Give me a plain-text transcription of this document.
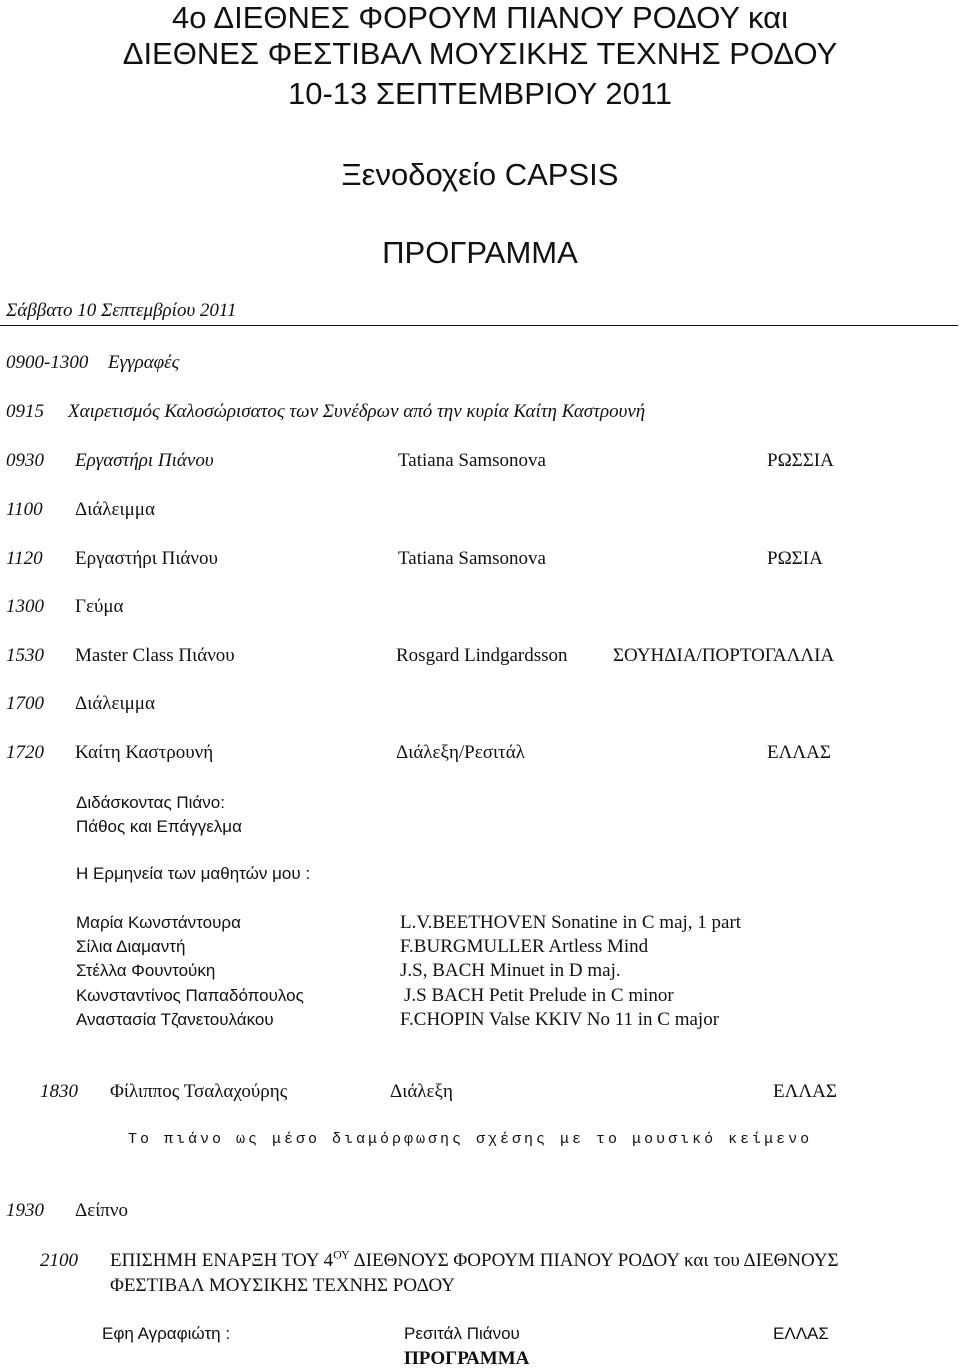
4ο ΔΙΕΘΝΕΣ ΦΟΡΟΥΜ ΠΙΑΝΟΥ ΡΟΔΟΥ και
ΔΙΕΘΝΕΣ ΦΕΣΤΙΒΑΛ ΜΟΥΣΙΚΗΣ ΤΕΧΝΗΣ ΡΟΔΟΥ
10-13 ΣΕΠΤΕΜΒΡΙΟΥ 2011
Ξενοδοχείο CAPSIS
ΠΡΟΓΡΑΜΜΑ
Σάββατο 10 Σεπτεμβρίου 2011
0900-1300 Εγγραφές
0915 Χαιρετισμός Καλοσώρισατος των Συνέδρων από την κυρία Καίτη Καστρουνή
0930 Εργαστήρι Πιάνου	Tatiana Samsonova	ΡΩΣΣΙΑ
1100 Διάλειμμα
1120 Εργαστήρι Πιάνου	Tatiana Samsonova	ΡΩΣΙΑ
1300 Γεύμα
1530 Master Class Πιάνου	Rosgard Lindgardsson ΣΟΥΗΔΙΑ/ΠΟΡΤΟΓΑΛΛΙΑ
1700 Διάλειμμα
1720 Καίτη Καστρουνή	Διάλεξη/Ρεσιτάλ	ΕΛΛΑΣ
Διδάσκοντας Πιάνο:
Πάθος και Επάγγελμα
Η Ερμηνεία των μαθητών μου :
Μαρία Κωνστάντουρα	L.V.BEETHOVEN Sonatine in C maj, 1 part
Σίλια Διαμαντή	F.BURGMULLER Artless Mind
Στέλλα Φουντούκη	J.S, BACH Minuet in D maj.
Κωνσταντίνος Παπαδόπουλος	J.S BACH Petit Prelude in C minor
Αναστασία Τζανετουλάκου	F.CHOPIN Valse KKIV No 11 in C major
1830 Φίλιππος Τσαλαχούρης	Διάλεξη	ΕΛΛΑΣ
Το πιάνο ως μέσο διαμόρφωσης σχέσης με το μουσικό κείμενο
1930 Δείπνο
2100 ΕΠΙΣΗΜΗ ΕΝΑΡΞΗ ΤΟΥ $4^{O\Upsilon}$ ΔΙΕΘΝΟΥΣ ΦΟΡΟΥΜ ΠΙΑΝΟΥ ΡΟΔΟΥ και του ΔΙΕΘΝΟΥΣ
ΦΕΣΤΙΒΑΛ ΜΟΥΣΙΚΗΣ ΤΕΧΝΗΣ ΡΟΔΟΥ
Εφη Αγραφιώτη :	Ρεσιτάλ Πιάνου	ΕΛΛΑΣ
ΠΡΟΓΡΑΜΜΑ
